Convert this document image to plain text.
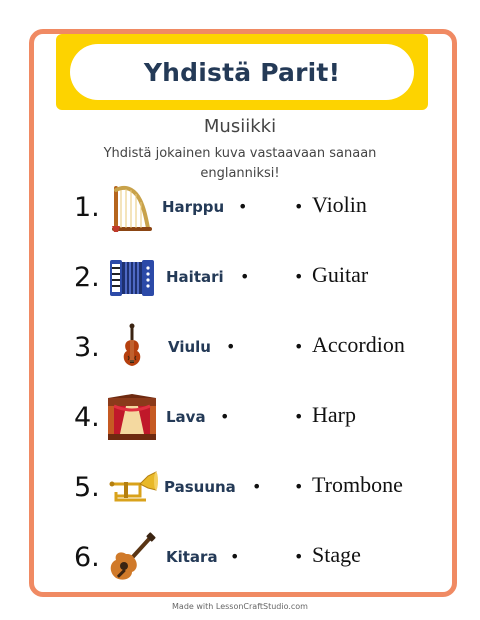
Yhdistä Parit!
Musiikki
Yhdistä jokainen kuva vastaavaan sanaan englanniksi!
1.	Harppu •	• Violin
2.	Haitari •	• Guitar
3.	Viulu •	• Accordion
4.	Lava •	• Harp
5.	Pasuuna • • Trombone
6.	Kitara •	• Stage
Made with LessonCraftStudio.com
